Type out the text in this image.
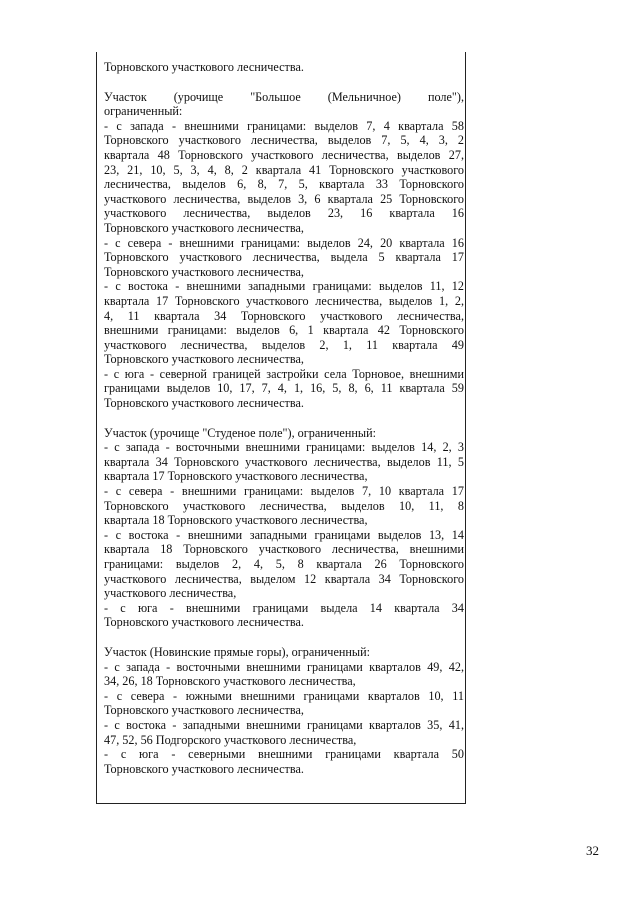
Торновского участкового лесничества.
Участок (урочище "Большое (Мельничное) поле"),
ограниченный:
- с запада - внешними границами: выделов 7, 4 квартала 58
Торновского участкового лесничества, выделов 7, 5, 4, 3, 2
квартала 48 Торновского участкового лесничества, выделов 27,
23, 21, 10, 5, 3, 4, 8, 2 квартала 41 Торновского участкового
лесничества, выделов 6, 8, 7, 5, квартала 33 Торновского
участкового лесничества, выделов 3, 6 квартала 25 Торновского
участкового лесничества, выделов 23, 16 квартала 16
Торновского участкового лесничества,
- с севера - внешними границами: выделов 24, 20 квартала 16
Торновского участкового лесничества, выдела 5 квартала 17
Торновского участкового лесничества,
- с востока - внешними западными границами: выделов 11, 12
квартала 17 Торновского участкового лесничества, выделов 1, 2,
4, 11 квартала 34 Торновского участкового лесничества,
внешними границами: выделов 6, 1 квартала 42 Торновского
участкового лесничества, выделов 2, 1, 11 квартала 49
Торновского участкового лесничества,
- с юга - северной границей застройки села Торновое, внешними
границами выделов 10, 17, 7, 4, 1, 16, 5, 8, 6, 11 квартала 59
Торновского участкового лесничества.
Участок (урочище "Студеное поле"), ограниченный:
- с запада - восточными внешними границами: выделов 14, 2, 3
квартала 34 Торновского участкового лесничества, выделов 11, 5
квартала 17 Торновского участкового лесничества,
- с севера - внешними границами: выделов 7, 10 квартала 17
Торновского участкового лесничества, выделов 10, 11, 8
квартала 18 Торновского участкового лесничества,
- с востока - внешними западными границами выделов 13, 14
квартала 18 Торновского участкового лесничества, внешними
границами: выделов 2, 4, 5, 8 квартала 26 Торновского
участкового лесничества, выделом 12 квартала 34 Торновского
участкового лесничества,
- с юга - внешними границами выдела 14 квартала 34
Торновского участкового лесничества.
Участок (Новинские прямые горы), ограниченный:
- с запада - восточными внешними границами кварталов 49, 42,
34, 26, 18 Торновского участкового лесничества,
- с севера - южными внешними границами кварталов 10, 11
Торновского участкового лесничества,
- с востока - западными внешними границами кварталов 35, 41,
47, 52, 56 Подгорского участкового лесничества,
- с юга - северными внешними границами квартала 50
Торновского участкового лесничества.
32
